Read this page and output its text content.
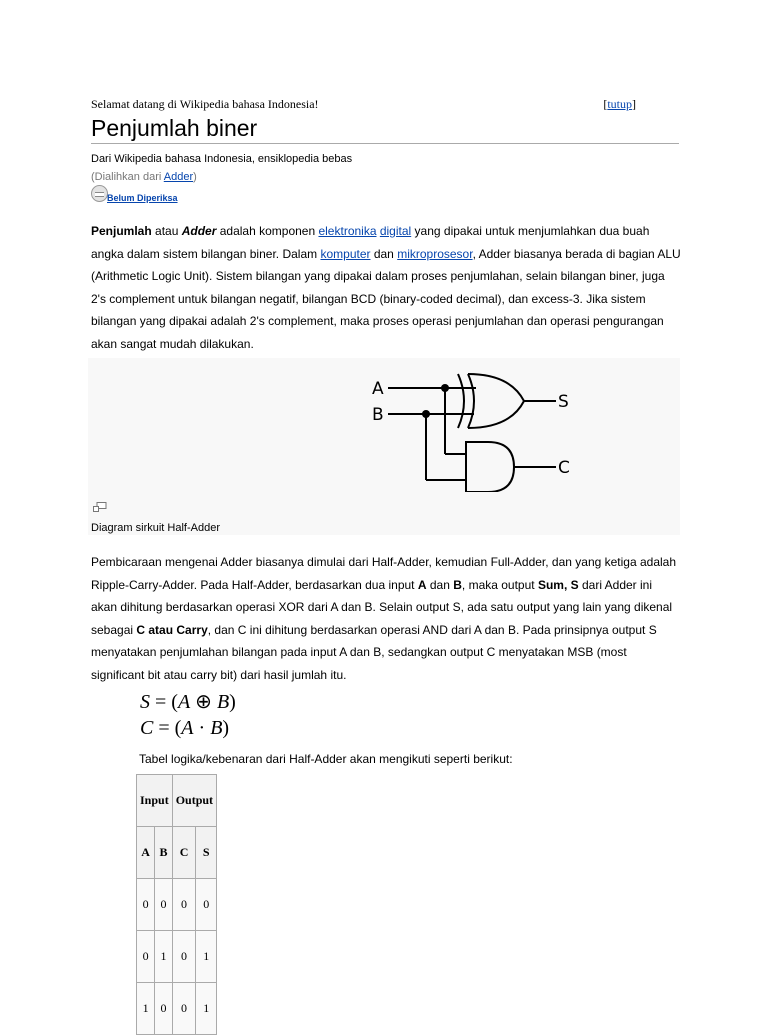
Selamat datang di Wikipedia bahasa Indonesia!	[tutup]
Penjumlah biner
Dari Wikipedia bahasa Indonesia, ensiklopedia bebas
(Dialihkan dari Adder)
$_{Belum Diperiksa}$

Penjumlah atau Adder adalah komponen elektronika digital yang dipakai untuk menjumlahkan dua buah angka dalam sistem bilangan biner. Dalam komputer dan mikroprosesor, Adder biasanya berada di bagian ALU (Arithmetic Logic Unit). Sistem bilangan yang dipakai dalam proses penjumlahan, selain bilangan biner, juga 2's complement untuk bilangan negatif, bilangan BCD (binary-coded decimal), dan excess-3. Jika sistem bilangan yang dipakai adalah 2's complement, maka proses operasi penjumlahan dan operasi pengurangan akan sangat mudah dilakukan.

A
B
S
C
Diagram sirkuit Half-Adder

Pembicaraan mengenai Adder biasanya dimulai dari Half-Adder, kemudian Full-Adder, dan yang ketiga adalah Ripple-Carry-Adder. Pada Half-Adder, berdasarkan dua input A dan B, maka output Sum, S dari Adder ini akan dihitung berdasarkan operasi XOR dari A dan B. Selain output S, ada satu output yang lain yang dikenal sebagai C atau Carry, dan C ini dihitung berdasarkan operasi AND dari A dan B. Pada prinsipnya output S menyatakan penjumlahan bilangan pada input A dan B, sedangkan output C menyatakan MSB (most significant bit atau carry bit) dari hasil jumlah itu.

S = (A ⊕ B)
C = (A · B)
Tabel logika/kebenaran dari Half-Adder akan mengikuti seperti berikut:
Input		Output	
A	B	C	S
0	0	0	0
0	1	0	1
1	0	0	1
